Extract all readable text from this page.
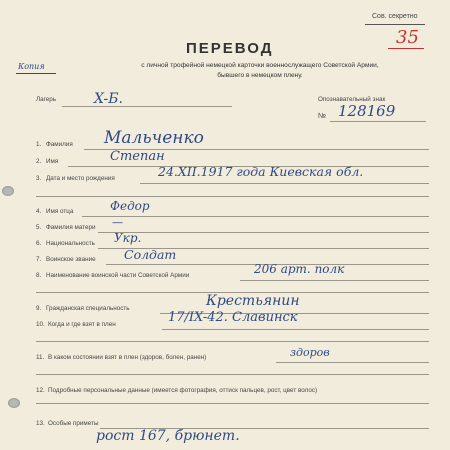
Сов. секретно
35
ПЕРЕВОД
с личной трофейной немецкой карточки военнослужащего Советской Армии,
бывшего в немецком плену.
Копия
Лагерь	X-Б.	Опознавательный знак
№ 128169
1. Фамилия Мальченко
2. Имя	Степан
3. Дата и место рождения	24.XII.1917 года Киевская обл.
4. Имя отца	Федор
5. Фамилия матери —
6. Национальность Укр.
7. Воинское звание Солдат
8. Наименование воинской части Советской Армии	206 арт. полк
9. Гражданская специальность	Крестьянин
10. Когда и где взят в плен	17/IX-42. Славинск
11. В каком состоянии взят в плен (здоров, болен, ранен)	здоров
12. Подробные персональные данные (имеется фотография, оттиск пальцев, рост, цвет волос)
13. Особые приметы
рост 167, брюнет.
